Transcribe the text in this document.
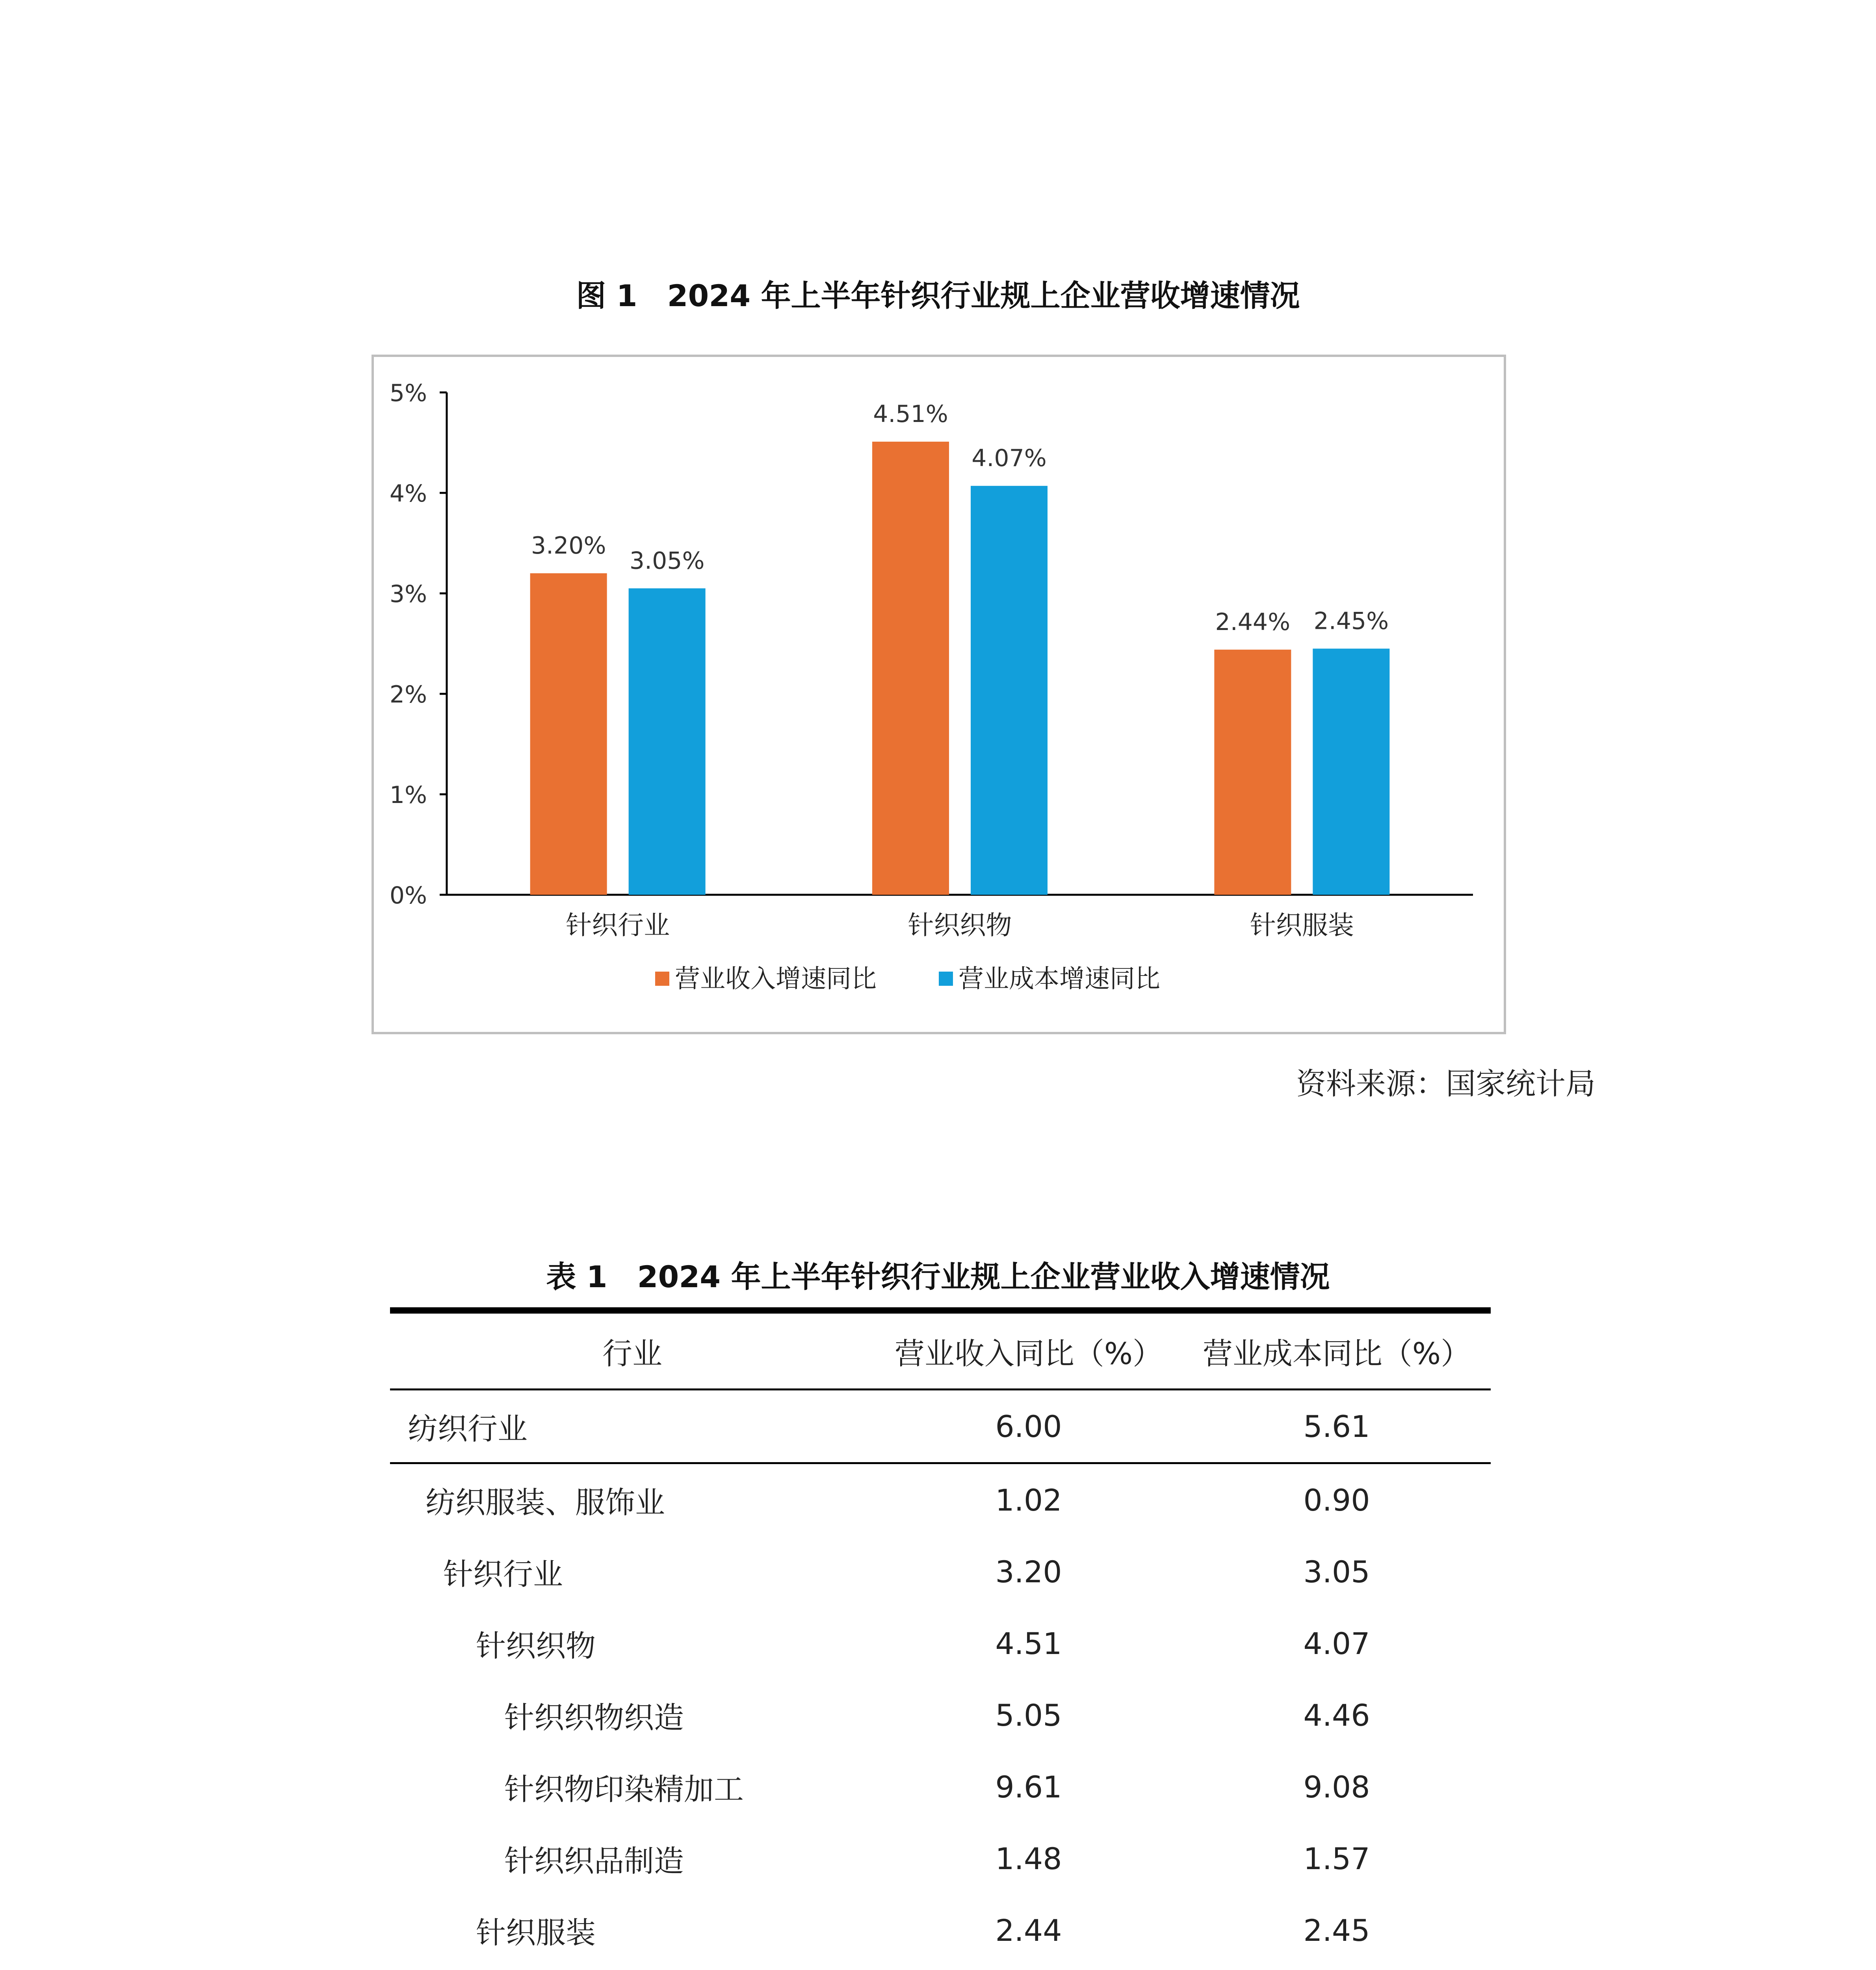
图 1　2024 年上半年针织行业规上企业营收增速情况
0%
1%
2%
3%
4%
5%
针织行业
3.20%
3.05%
针织织物
4.51%
4.07%
针织服装
2.44% 2.45%
营业收入增速同比	营业成本增速同比
资料来源：国家统计局
表 1　2024 年上半年针织行业规上企业营业收入增速情况
行业	营业收入同比（%）	营业成本同比（%）
纺织行业	6.00	5.61
纺织服装、服饰业	1.02	0.90
针织行业	3.20	3.05
针织织物	4.51	4.07
针织织物织造	5.05	4.46
针织物印染精加工	9.61	9.08
针织织品制造	1.48	1.57
针织服装	2.44	2.45
